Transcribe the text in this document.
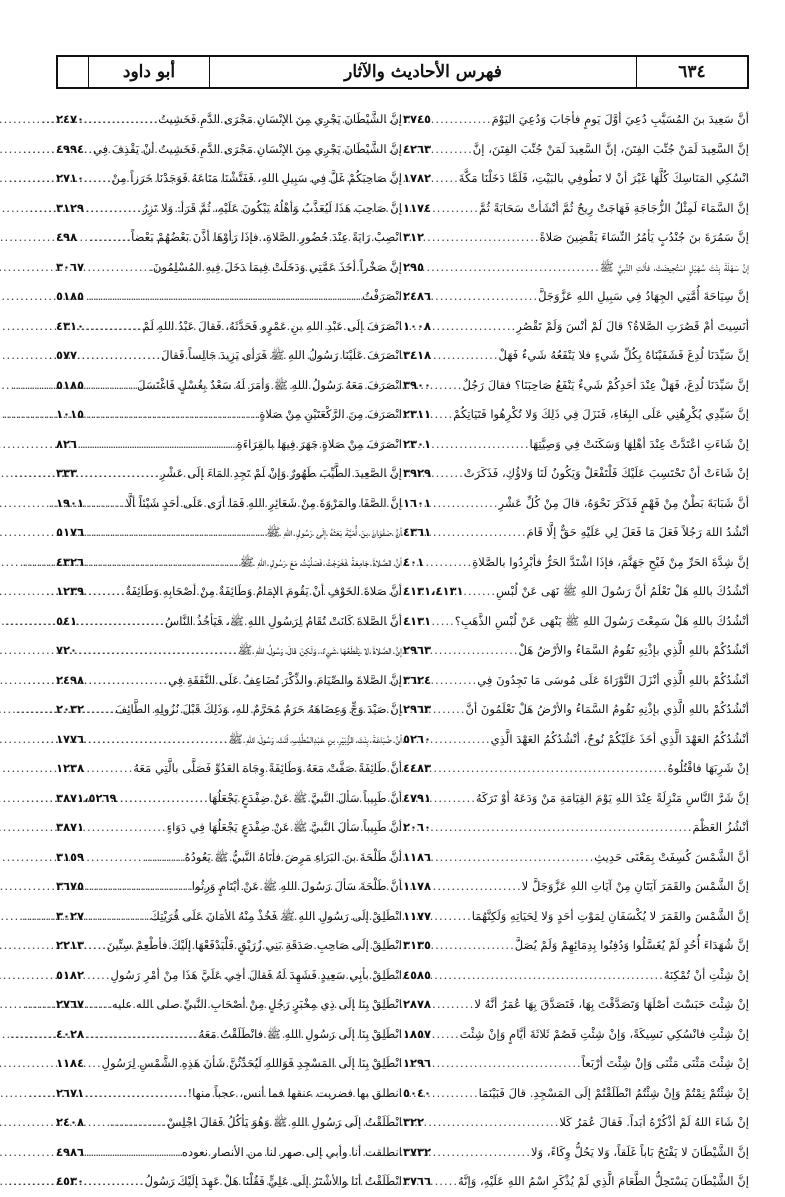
أبو داود	فهرس الأحاديث والآثار	٦٣٤
إنَّ الشَّيْطَانَ يَجْرِي مِنَ الإنْسَانِ مَجْرَى الدَّمِ فَخَشِيتُ
.....
٢٤٧٠
إنَّ الشَّيْطَانَ يَجْرِي مِنَ الإنْسَانِ مَجْرَى الدَّمِ فَخَشِيتُ أنْ يَقْذِفَ فِي
.....
٤٩٩٤
إنَّ صَاحِبَكُمْ غَلَّ فِي سَبِيلِ اللهِ، فَفَتَّشْنَا مَتَاعَهُ فَوَجَدْنَا خَرَزاً مِنْ
.....
٢٧١٠
إنَّ صَاحِبَ هَذَا لَيُعَذَّبُ وَأهْلُهُ يَبْكُونَ عَلَيْهِ، ثُمَّ قَرَأ: وَلا تَزِرُ
.....
٣١٢٩
انْصِبْ رَايَةً عِنْدَ حُضُورِ الصَّلاةِ، فإذَا رَأوْهَا أذَّنَ بَعْضُهُمْ بَعْضاً
.....
٤٩٨
إنَّ صَخْراً أخَذَ عَمَّتِي وَدَخَلَتْ فِيمَا دَخَلَ فِيهِ المُسْلِمُونَ
.....
٣٠٦٧
انْصَرَفْتُ
.....
٥١٨٥
انْصَرَفَ إلَى عَبْدِ اللهِ بنِ عَمْرٍو فَحَدَّثَهُ، فَقالَ عَبْدُ اللهِ لَمْ
.....
٤٣١٠
انْصَرَفَ عَلَيْنَا رَسُولُ اللهِ ﷺ فَرَأى يَزِيدَ جَالِساً فَقالَ
.....
٥٧٧
انْصَرَفَ مَعَهُ رَسُولُ اللهِ ﷺ وَأمَرَ لَهُ سَعْدٌ بِغُسْلٍ فَاغْتَسَلَ
.....
٥١٨٥
انْصَرَفَ مِنَ الرَّكْعَتَيْنِ مِنْ صَلاةٍ
.....
١٠١٥
انْصَرَفَ مِنْ صَلاةٍ جَهَرَ فِيهَا بالقِرَاءَةِ
.....
٨٢٦
إنَّ الصَّعِيدَ الطَّيِّبَ طَهُورٌ وَإنْ لَمْ تَجِدِ المَاءَ إلَى عَشْرِ
.....
٣٣٣
إنَّ الصَّفَا والمَرْوَةَ مِنْ شَعَائِرِ اللهِ فَمَا أرَى عَلَى أحَدٍ شَيْئاً ألَّا
.....
١٩٠١
أنَّ صَفْوَانَ بنَ أُمَيَّةَ بَعَثَهُ إلَى رَسُولِ اللهِ ﷺ
.....
٥١٧٦
أنَّ الصَّلاةَ جَامِعَةً فَخَرَجْتُ فَصَلَّيْتُ مَعَ رَسُولِ اللهِ ﷺ
.....
٤٣٢٦
أنَّ صَلاةَ الخَوْفِ أنْ يَقُومَ الإمَامُ وَطَائِفَةٌ مِنْ أصْحَابِهِ وَطَائِفَةٌ
.....
١٢٣٩
أنَّ الصَّلاةَ كَانَتْ تُقَامُ لِرَسُولِ اللهِ ﷺ، فَيَأخُذُ النَّاسُ
.....
٥٤١
إنَّ الصَّلاةَ لا يَقْطَعُهَا شَيءٌ، وَلَكِنْ قالَ رَسُولُ اللهِ ﷺ
.....
٧٢٠
إنَّ الصَّلاةَ والصِّيَامَ والذِّكْرَ تُضَاعِفُ عَلَى النَّفَقَةِ فِي
.....
٢٤٩٨
إنَّ صَيْدَ وَجٍّ وَعِضَاهَهُ حَرَمٌ مُحَرَّمٌ للهِ، وَذَلِكَ قَبْلَ نُزُولِهِ الطَّائِفَ
.....
٢٠٣٢
أنَّ ضُبَاعَةَ بِنْتَ الزُّبَيْرِ بنِ عَبْدِالمُطَّلِبِ أتَتْ رَسُولَ اللهِ ﷺ
.....
١٧٧٦
أنَّ طَائِفَةً صَفَّتْ مَعَهُ وَطَائِفَةً وِجَاهَ العَدُوِّ فَصَلَّى بالَّتِي مَعَهُ
.....
١٢٣٨
أنَّ طَبِيباً سَألَ النَّبيَّ ﷺ عَنْ ضِفْدَعٍ يَجْعَلُهَا
.....
٣٨٧١،٥٢٦٩
أنَّ طَبِيباً سَألَ النَّبيَّ ﷺ عَنْ ضِفْدَعٍ يَجْعَلُهَا فِي دَوَاءٍ
.....
٣٨٧١
أنَّ طَلْحَةَ بنَ البَرَاءِ مَرِضَ فأتَاهُ النَّبيُّ ﷺ يَعُودُهُ
.....
٣١٥٩
أنَّ طَلْحَةَ سَألَ رَسُولَ اللهِ ﷺ عَنْ أيْتَامٍ وَرِثُوا
.....
٣٦٧٥
انْطَلِقْ إلَى رَسُولِ اللهِ ﷺ فَخُذْ مِنْهُ الأمَانَ عَلَى قُرَيْتِكَ
.....
٣٠٢٧
انْطَلِقْ إلَى صَاحِبِ صَدَقَةِ بَنِي زُرَيْقٍ فَلْيَدْفَعْهَا إلَيْكَ فأطْعِمْ سِتِّينَ
.....
٢٢١٣
انْطَلِقْ بأبِي سَعِيدٍ فَشَهِدَ لَهُ فَقالَ أخِي عَلَيَّ هَذَا مِنْ أمْرِ رَسُولِ
.....
٥١٨٢
انْطَلِقْ بِنَا إلَى ذِي مِخْبَرٍ رَجُلٍ مِنْ أصْحَابِ النَّبيِّ صلى الله عليه
.....
٢٧٦٧
انْطَلِقْ بِنَا إلَى رَسُولِ اللهِ ﷺ فانْطَلَقْتُ مَعَهُ
.....
٤٠٢٨
انْطَلِقْ بِنَا إلَى المَسْجِدِ فَوَاللهِ لَيُحَدِّثُنَّ شَأنَ هَذِهِ الشَّمْسِ لِرَسُولِ
.....
١١٨٤
انطلق بها فضربت عنقها فما أنس، عجباً منها!
.....
٢٦٧١
انْطَلَقْتُ إلَى رَسُولِ اللهِ ﷺ وَهُوَ يَأكُلُ فَقالَ اجْلِسْ
.....
٢٤٠٨
انطلقت أنا وأبي إلى صهر لنا من الأنصار نعوده
.....
٤٩٨٦
انْطَلَقْتُ أنَا والأشْتَرُ إلَى عَلِيٍّ فَقُلْنَا هَلْ عَهِدَ إلَيْكَ رَسُولُ
.....
٤٥٣٠
أنَّ سَعِيدَ بنَ المُسَيَّبِ دُعِيَ أوَّلَ يَومٍ فأجَابَ وَدُعِيَ اليَوْمَ
.....
٣٧٤٥
إنَّ السَّعِيدَ لَمَنْ جُنِّبَ الفِتَنَ، إنَّ السَّعِيدَ لَمَنْ جُنِّبَ الفِتَنَ، إنَّ
.....
٤٢٦٣
انْسُكِي المَنَاسِكَ كُلَّهَا غَيْرَ أنْ لا تَطُوفِي بالبَيْتِ، فَلَمَّا دَخَلْنَا مَكَّةَ
.....
١٧٨٢
إنَّ السَّمَاءَ لَمِثْلُ الزُّجَاجَةِ فَهَاجَتْ رِيحٌ ثُمَّ أنْشَأتْ سَحَابَةً ثُمَّ
.....
١١٧٤
إنَّ سَمُرَةَ بنَ جُنْدُبٍ يَأمُرُ النِّسَاءَ يَقْضِينَ صَلاةً
.....
٣١٢
إنَّ سَهْلَةَ بِنْتَ سُهَيْلٍ اسْتُحِيضَتْ، فأتَتِ النَّبيَّ ﷺ
.....
٢٩٥
إنَّ سِيَاحَةَ أُمَّتِي الجِهَادُ فِي سَبِيلِ اللهِ عَزَّوَجَلَّ
.....
٢٤٨٦
أنَسِيتَ أمْ قَصُرَتِ الصَّلاةُ؟ قالَ لَمْ أنْسَ وَلَمْ تَقْصُرِ
.....
١٠٠٨
إنَّ سَيِّدَنَا لُدِغَ فَشَفَيْنَاهُ بِكُلِّ شَيءٍ فلا يَنْفَعُهُ شَيءٌ فَهَلْ
.....
٣٤١٨
إنَّ سَيِّدَنَا لُدِغَ، فَهَلْ عِنْدَ أحَدِكُمْ شَيءٌ يَنْفَعُ صَاحِبَنَا؟ فقالَ رَجُلٌ
.....
٣٩٠٠
إنَّ سَيِّدِي يُكْرِهُنِي عَلَى البِغَاءِ، فَنَزَلَ فِي ذَلِكَ وَلا تُكْرِهُوا فَتَيَاتِكُمْ
.....
٢٣١١
إنْ شَاءَتِ اعْتَدَّتْ عِنْدَ أهْلِهَا وَسَكَنَتْ فِي وَصِيَّتِهَا
.....
٢٣٠١
إنْ شَاءَتْ أنْ تَحْتَسِبَ عَلَيْكَ فَلْتَفْعَلْ وَيَكُونُ لَنَا وَلاؤُكِ، فَذَكَرَتْ
.....
٣٩٢٩
أنَّ شَبَابَةَ بَطْنٌ مِنْ فَهْمٍ فَذَكَرَ نَحْوَهُ، قالَ مِنْ كُلِّ عَشْرِ
.....
١٦٠١
أنْشُدُ اللهَ رَجُلاً فَعَلَ مَا فَعَلَ لِي عَلَيْهِ حَقٌّ إلَّا قَامَ
.....
٤٣٦١
إنَّ شِدَّةَ الحَرِّ مِنْ فَيْحِ جَهَنَّمَ، فإذَا اشْتَدَّ الحَرُّ فأبْرِدُوا بالصَّلاةِ
.....
٤٠١
أنْشُدُكَ باللهِ هَلْ تَعْلَمُ أنَّ رَسُولَ اللهِ ﷺ نَهَى عَنْ لُبْسِ
.....
٤١٣١،٤١٣١
أنْشُدُكَ باللهِ هَلْ سَمِعْتَ رَسُولَ اللهِ ﷺ يَنْهَى عَنْ لُبْسِ الذَّهَبِ؟
.....
٤١٣١
أنْشُدُكُمْ باللهِ الَّذِي بإذْنِهِ تَقُومُ السَّمَاءُ والأرْضُ هَلْ
.....
٢٩٦٣
أنْشُدُكُمْ باللهِ الَّذِي أنْزَلَ التَّوْرَاةَ عَلَى مُوسَى مَا تَجِدُونَ فِي
.....
٣٦٢٤
أنْشُدُكُمْ باللهِ الَّذِي بإذْنِهِ تَقُومُ السَّمَاءُ والأرْضُ هَلْ تَعْلَمُونَ أنَّ
.....
٢٩٦٣
أنْشُدُكُمُ العَهْدَ الَّذِي أخَذَ عَلَيْكُمْ نُوحٌ، أنْشُدُكُمُ العَهْدَ الَّذِي
.....
٥٢٦٠
إنْ شَرِبَهَا فاقْتُلُوهُ
.....
٤٤٨٣
إنَّ شَرَّ النَّاسِ مَنْزِلَةً عِنْدَ اللهِ يَوْمَ القِيَامَةِ مَنْ وَدَعَهُ أوْ تَرَكَهُ
.....
٤٧٩١
أنْشُزُ العَظْمَ
.....
٢٠٦٠
أنَّ الشَّمْسَ كُسِفَتْ بِمَعْنَى حَدِيثِ
.....
١١٨٦
إنَّ الشَّمْسَ والقَمَرَ آيَتَانِ مِنْ آيَاتِ اللهِ عَزَّوَجَلَّ لا
.....
١١٧٨
إنَّ الشَّمْسَ والقَمَرَ لا يُكْسَفَانِ لِمَوْتِ أحَدٍ وَلا لِحَيَاتِهِ وَلَكِنَّهُمَا
.....
١١٧٧
إنَّ شُهَدَاءَ أُحُدٍ لَمْ يُغَسَّلُوا وَدُفِنُوا بِدِمَائِهِمْ وَلَمْ يُصَلَّ
.....
٣١٣٥
إنْ شِئْتِ أنْ تُمْكِنَهُ
.....
٤٥٨٥
إنْ شِئْتَ حَبَسْتَ أصْلَهَا وَتَصَدَّقْتَ بِهَا، فَتَصَدَّقَ بِهَا عُمَرُ أنَّهُ لا
.....
٢٨٧٨
إنْ شِئْتِ فانْسُكِي نَسِيكَةً، وَإنْ شِئْتِ فَصُمْ ثَلاثَةَ أيَّامٍ وَإنْ شِئْتَ
.....
١٨٥٧
إنْ شِئْتَ مَثْنَى مَثْنَى وَإنْ شِئْتَ أرْبَعاً
.....
١٢٩٦
إنْ شِئْتُمْ نِمْتُمْ وَإنْ شِئْتُمُ انْطَلَقْتُمْ إلَى المَسْجِدِ. قالَ فَبَيْنَمَا
.....
٥٠٤٠
إنْ شَاءَ اللهُ لَمْ أذْكُرْهُ أبَداً. فَقالَ عُمَرُ كَلا
.....
٣٢٢
إنَّ الشَّيْطَانَ لا يَفْتَحُ بَاباً غَلَقاً، وَلا يَحُلُّ وِكَاءً، وَلا
.....
٣٧٣٢
إنَّ الشَّيْطَانَ يَسْتَحِلُّ الطَّعَامَ الَّذِي لَمْ يُذْكَرِ اسْمُ اللهِ عَلَيْهِ، وَإنَّهُ
.....
٣٧٦٦
